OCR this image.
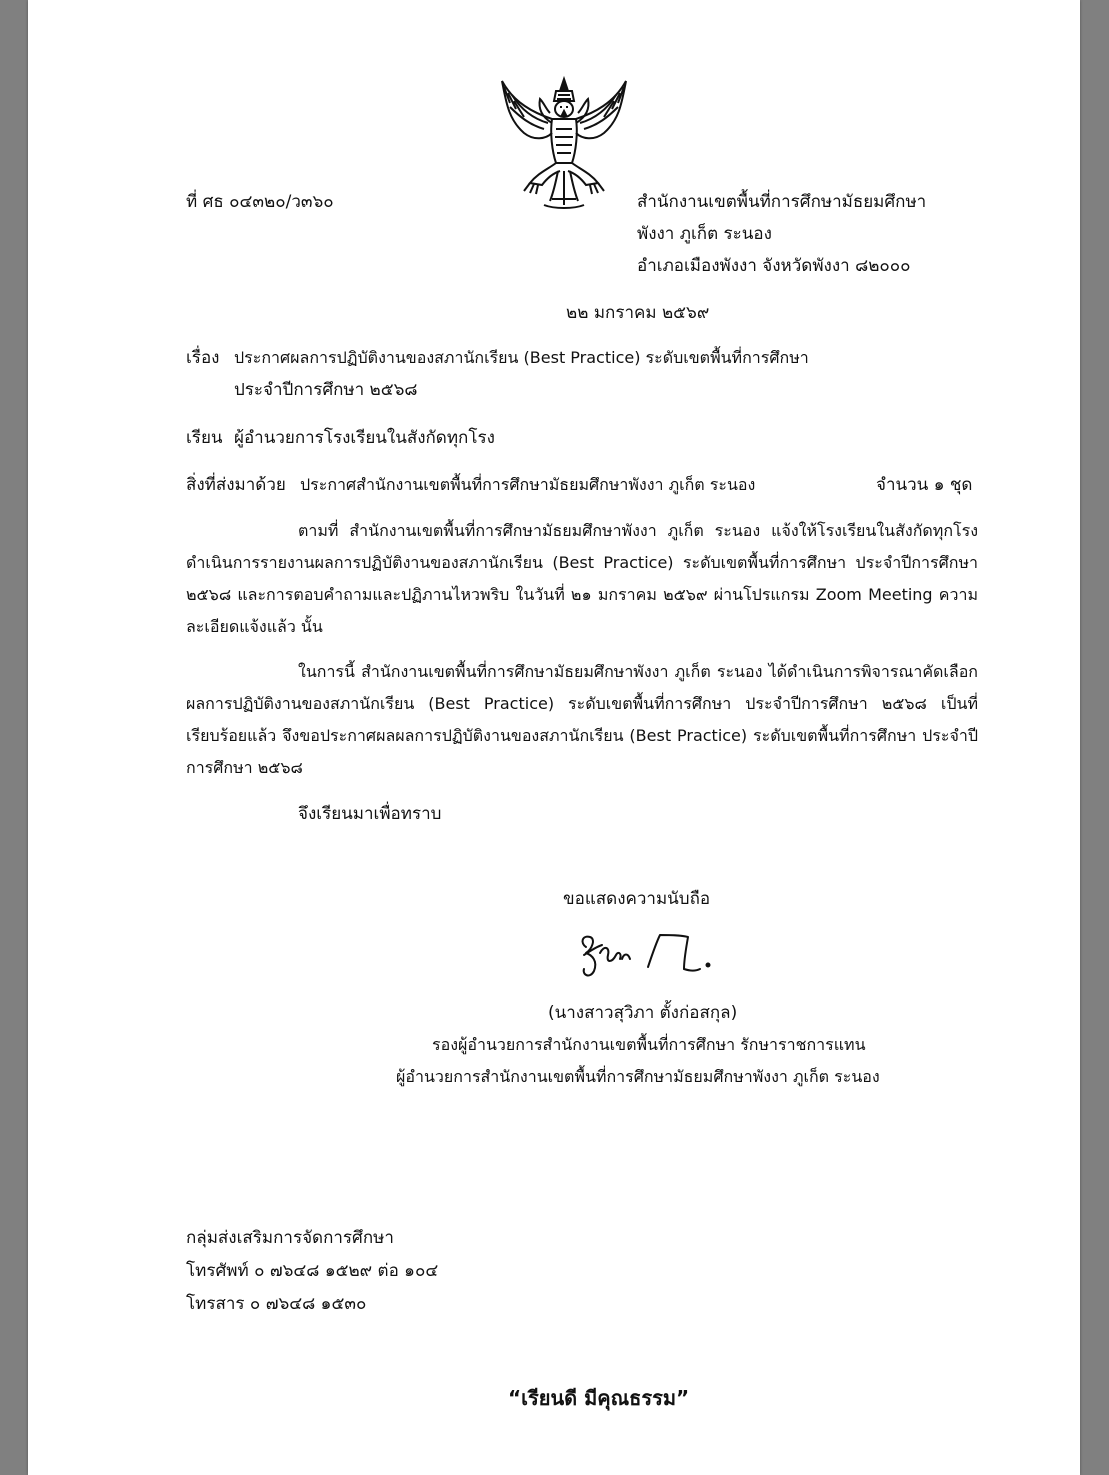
ที่ ศธ ๐๔๓๒๐/ว๓๖๐	สำนักงานเขตพื้นที่การศึกษามัธยมศึกษา
พังงา ภูเก็ต ระนอง
อำเภอเมืองพังงา จังหวัดพังงา ๘๒๐๐๐
๒๒ มกราคม ๒๕๖๙
เรื่อง ประกาศผลการปฏิบัติงานของสภานักเรียน (Best Practice) ระดับเขตพื้นที่การศึกษา
ประจำปีการศึกษา ๒๕๖๘
เรียน ผู้อำนวยการโรงเรียนในสังกัดทุกโรง
สิ่งที่ส่งมาด้วย ประกาศสำนักงานเขตพื้นที่การศึกษามัธยมศึกษาพังงา ภูเก็ต ระนอง	จำนวน ๑ ชุด
ตามที่ สำนักงานเขตพื้นที่การศึกษามัธยมศึกษาพังงา ภูเก็ต ระนอง แจ้งให้โรงเรียนในสังกัดทุกโรง ดำเนินการรายงานผลการปฏิบัติงานของสภานักเรียน (Best Practice) ระดับเขตพื้นที่การศึกษา ประจำปีการศึกษา ๒๕๖๘ และการตอบคำถามและปฏิภานไหวพริบ ในวันที่ ๒๑ มกราคม ๒๕๖๙ ผ่านโปรแกรม Zoom Meeting ความละเอียดแจ้งแล้ว นั้น
ในการนี้ สำนักงานเขตพื้นที่การศึกษามัธยมศึกษาพังงา ภูเก็ต ระนอง ได้ดำเนินการพิจารณาคัดเลือกผลการปฏิบัติงานของสภานักเรียน (Best Practice) ระดับเขตพื้นที่การศึกษา ประจำปีการศึกษา ๒๕๖๘ เป็นที่เรียบร้อยแล้ว จึงขอประกาศผลผลการปฏิบัติงานของสภานักเรียน (Best Practice) ระดับเขตพื้นที่การศึกษา ประจำปีการศึกษา ๒๕๖๘
จึงเรียนมาเพื่อทราบ
ขอแสดงความนับถือ
(นางสาวสุวิภา ตั้งก่อสกุล)
รองผู้อำนวยการสำนักงานเขตพื้นที่การศึกษา รักษาราชการแทน
ผู้อำนวยการสำนักงานเขตพื้นที่การศึกษามัธยมศึกษาพังงา ภูเก็ต ระนอง
กลุ่มส่งเสริมการจัดการศึกษา
โทรศัพท์ ๐ ๗๖๔๘ ๑๕๒๙ ต่อ ๑๐๔
โทรสาร ๐ ๗๖๔๘ ๑๕๓๐
“เรียนดี มีคุณธรรม”
